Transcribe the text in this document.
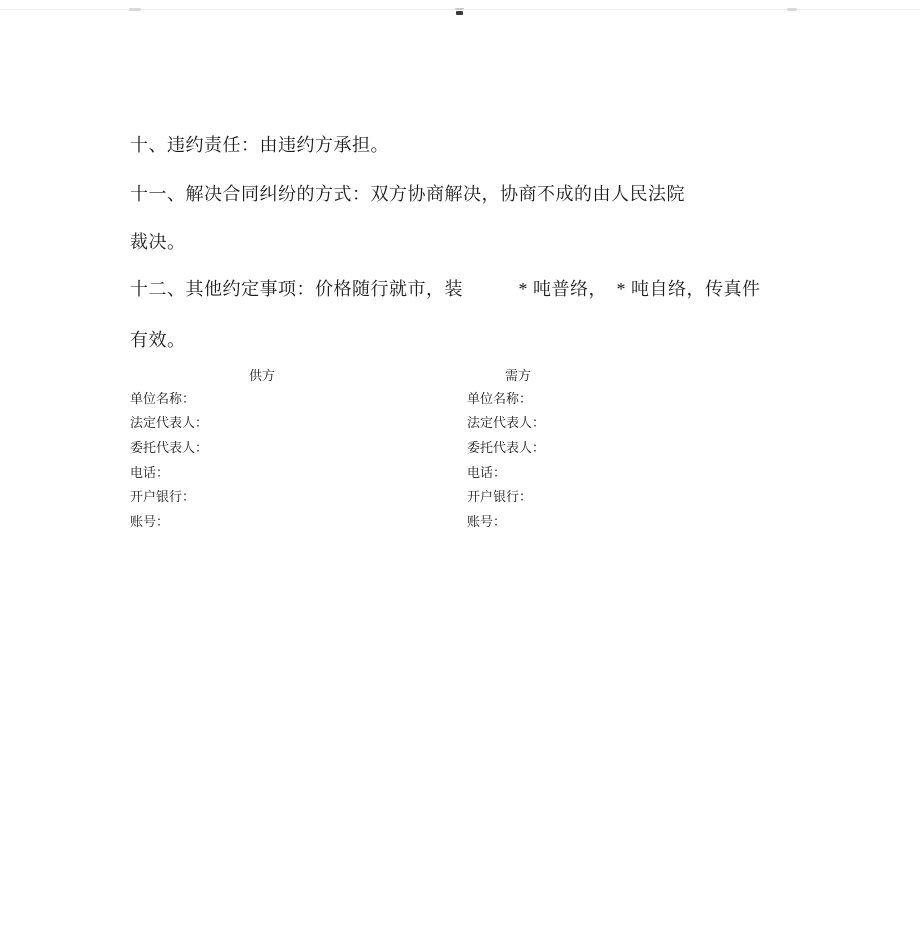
十、违约责任：由违约方承担。
十一、解决合同纠纷的方式：双方协商解决，协商不成的由人民法院
裁决。
十二、其他约定事项：价格随行就市，装　　　* 吨普络，　* 吨自络，传真件
有效。
供方	需方
单位名称：
法定代表人：
委托代表人：
电话：
开户银行：
账号：
单位名称：
法定代表人：
委托代表人：
电话：
开户银行：
账号：
